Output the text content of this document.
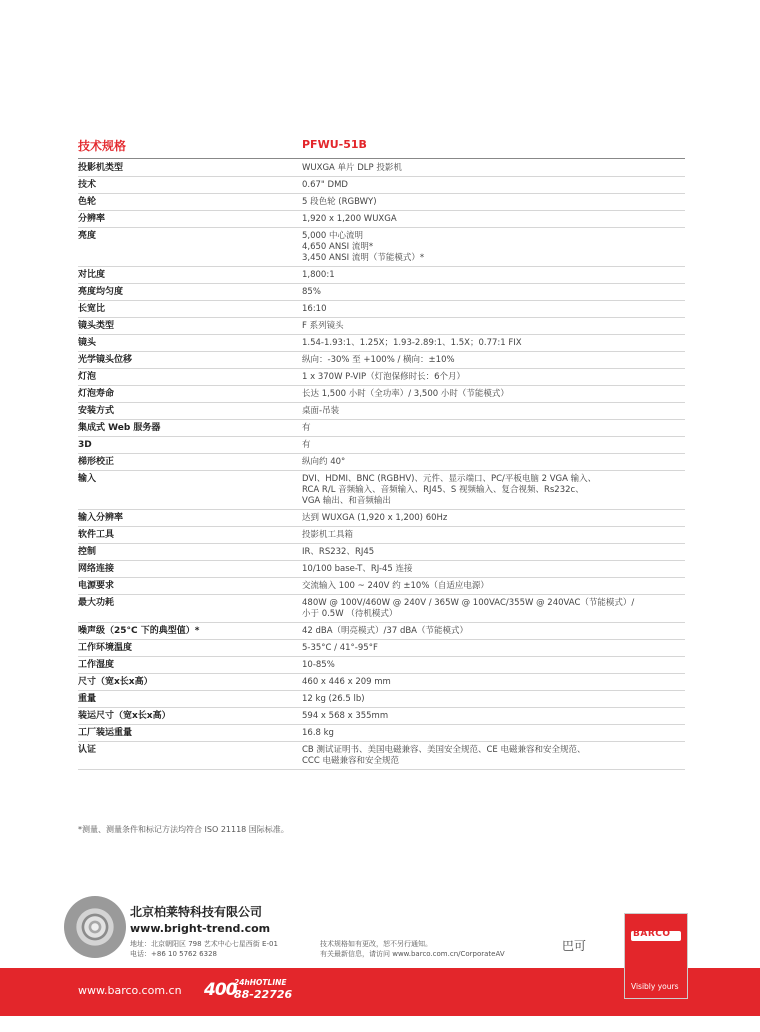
技术规格	PFWU-51B
投影机类型	WUXGA 单片 DLP 投影机
技术	0.67" DMD
色轮	5 段色轮 (RGBWY)
分辨率	1,920 x 1,200 WUXGA
亮度	5,000 中心流明
4,650 ANSI 流明*
3,450 ANSI 流明（节能模式）*
对比度	1,800:1
亮度均匀度	85%
长宽比	16:10
镜头类型	F 系列镜头
镜头	1.54-1.93:1、1.25X；1.93-2.89:1、1.5X；0.77:1 FIX
光学镜头位移	纵向：-30% 至 +100% / 横向：±10%
灯泡	1 x 370W P-VIP（灯泡保修时长：6个月）
灯泡寿命	长达 1,500 小时（全功率）/ 3,500 小时（节能模式）
安装方式	桌面-吊装
集成式 Web 服务器	有
3D	有
梯形校正	纵向约 40°
输入	DVI、HDMI、BNC (RGBHV)、元件、显示端口、PC/平板电脑 2 VGA 输入、
RCA R/L 音频输入、音频输入、RJ45、S 视频输入、复合视频、Rs232c、
VGA 输出、和音频输出
输入分辨率	达到 WUXGA (1,920 x 1,200) 60Hz
软件工具	投影机工具箱
控制	IR、RS232、RJ45
网络连接	10/100 base-T、RJ-45 连接
电源要求	交流输入 100 ~ 240V 约 ±10%（自适应电源）
最大功耗	480W @ 100V/460W @ 240V / 365W @ 100VAC/355W @ 240VAC（节能模式）/
小于 0.5W （待机模式）
噪声级（25°C 下的典型值）*	42 dBA（明亮模式）/37 dBA（节能模式）
工作环境温度	5-35°C / 41°-95°F
工作湿度	10-85%
尺寸（宽x长x高）	460 x 446 x 209 mm
重量	12 kg (26.5 lb)
装运尺寸（宽x长x高）	594 x 568 x 355mm
工厂装运重量	16.8 kg
认证	CB 测试证明书、美国电磁兼容、美国安全规范、CE 电磁兼容和安全规范、
CCC 电磁兼容和安全规范
*测量、测量条件和标记方法均符合 ISO 21118 国际标准。
北京柏莱特科技有限公司
www.bright-trend.com
地址：北京朝阳区 798 艺术中心七星西街 E-01
电话：+86 10 5762 6328
技术规格如有更改，恕不另行通知。
有关最新信息，请访问 www.barco.com.cn/CorporateAV
巴可
www.barco.com.cn 400
24hHOTLINE
88-22726
BARCO
Visibly yours
